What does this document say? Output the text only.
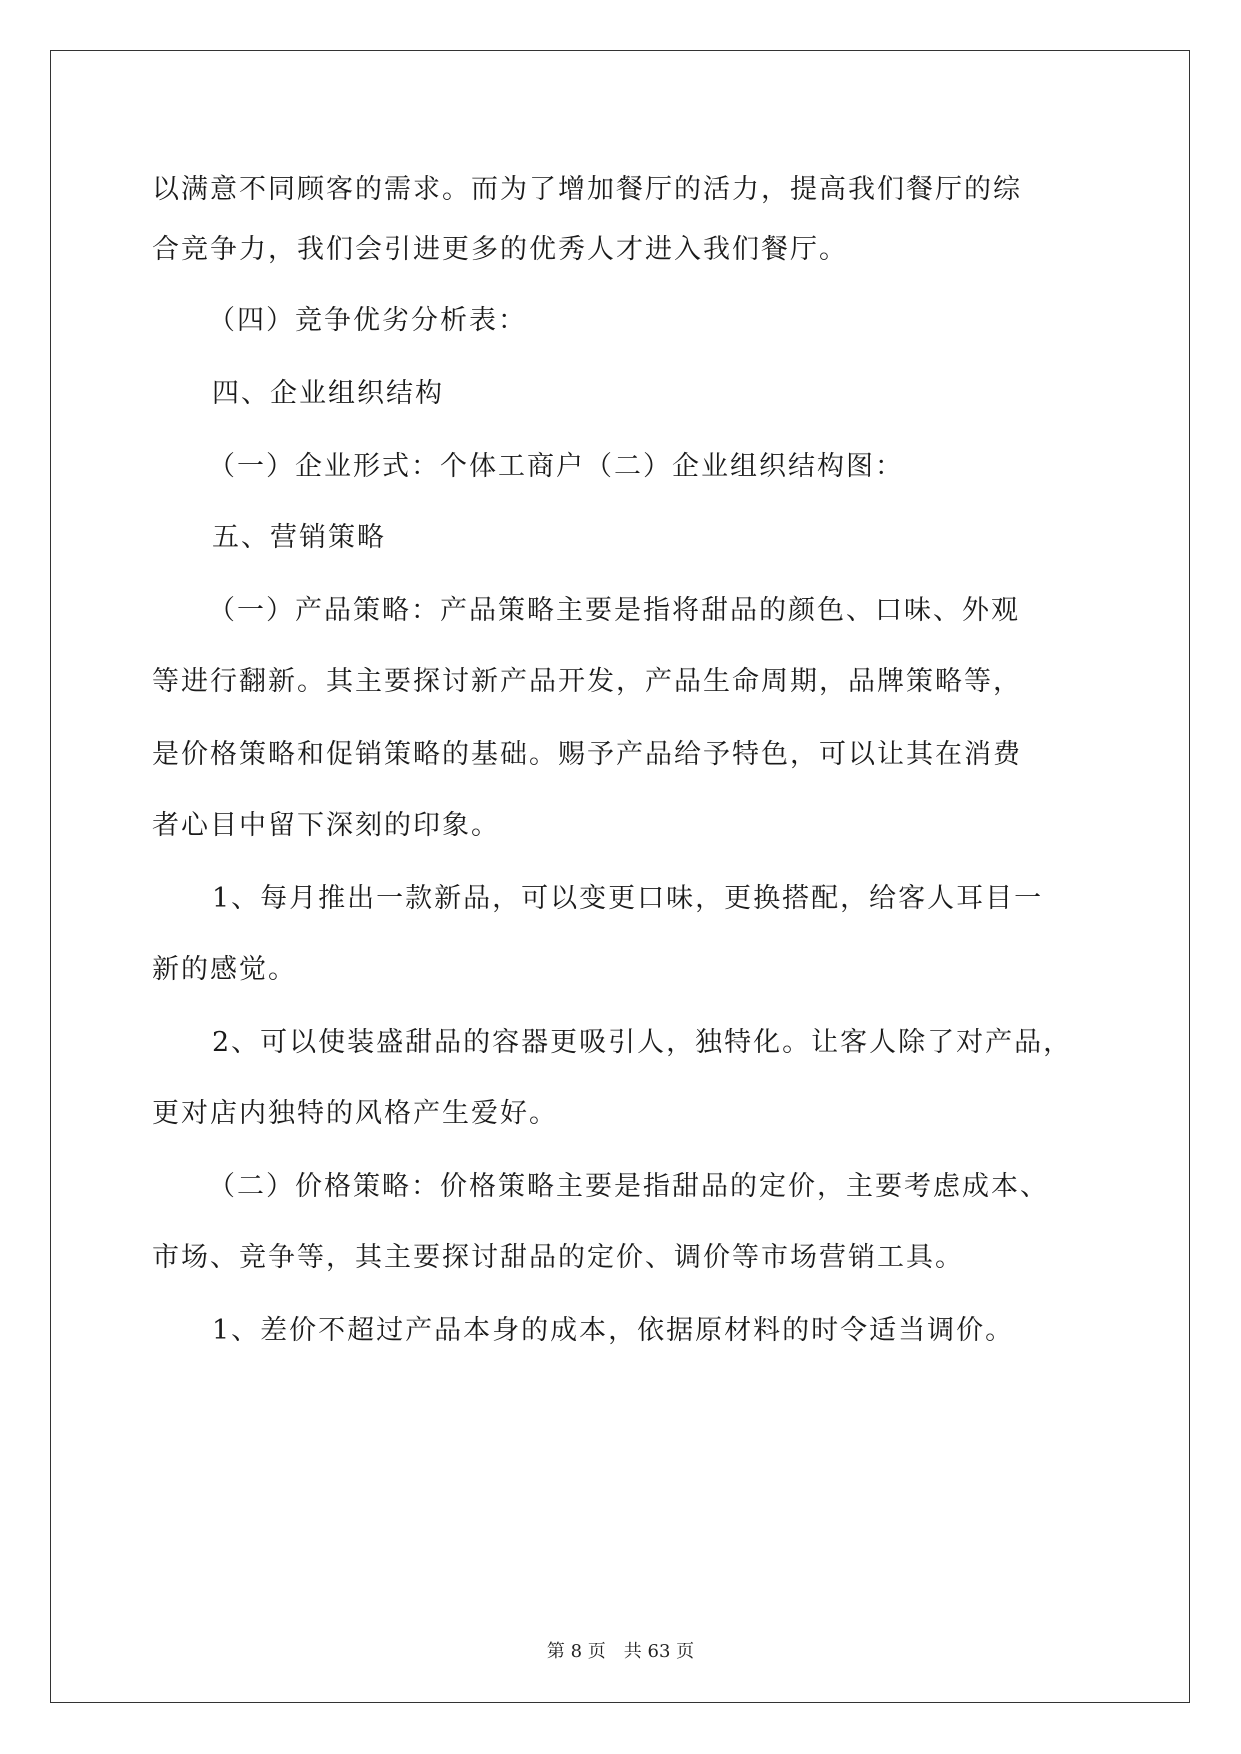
以满意不同顾客的需求。而为了增加餐厅的活力，提高我们餐厅的综
合竞争力，我们会引进更多的优秀人才进入我们餐厅。
（四）竞争优劣分析表：
四、企业组织结构
（一）企业形式：个体工商户（二）企业组织结构图：
五、营销策略
（一）产品策略：产品策略主要是指将甜品的颜色、口味、外观
等进行翻新。其主要探讨新产品开发，产品生命周期，品牌策略等，
是价格策略和促销策略的基础。赐予产品给予特色，可以让其在消费
者心目中留下深刻的印象。
1、每月推出一款新品，可以变更口味，更换搭配，给客人耳目一
新的感觉。
2、可以使装盛甜品的容器更吸引人，独特化。让客人除了对产品，
更对店内独特的风格产生爱好。
（二）价格策略：价格策略主要是指甜品的定价，主要考虑成本、
市场、竞争等，其主要探讨甜品的定价、调价等市场营销工具。
1、差价不超过产品本身的成本，依据原材料的时令适当调价。
第 8 页 共 63 页
